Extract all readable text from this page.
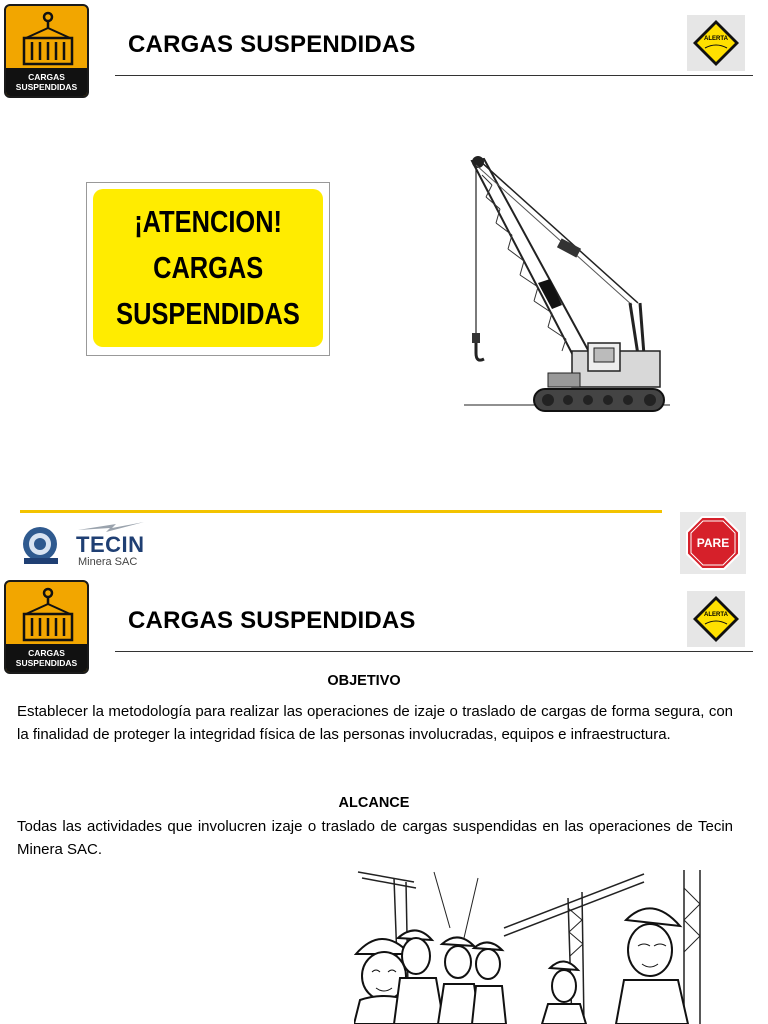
CARGAS
SUSPENDIDAS
CARGAS SUSPENDIDAS	ALERTA
¡ATENCION!
CARGAS
SUSPENDIDAS
TECIN
Minera SAC
PARE
CARGAS
SUSPENDIDAS
CARGAS SUSPENDIDAS	ALERTA
OBJETIVO
Establecer la metodología para realizar las operaciones de izaje o traslado de cargas de forma segura, con la finalidad de proteger la integridad física de las personas involucradas, equipos e infraestructura.
ALCANCE
Todas las actividades que involucren izaje o traslado de cargas suspendidas en las operaciones de Tecin Minera SAC.
